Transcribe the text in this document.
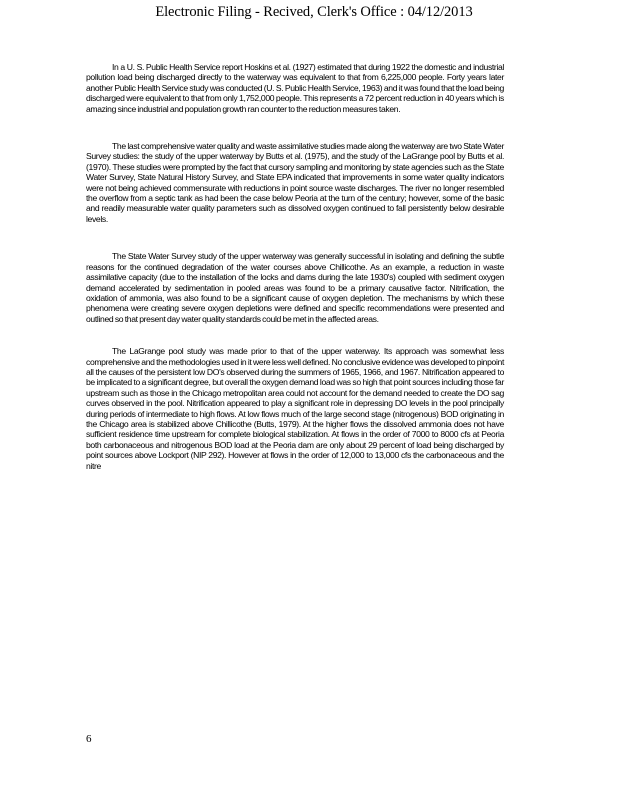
Electronic Filing - Recived, Clerk's Office : 04/12/2013

In a U. S. Public Health Service report Hoskins et al. (1927) estimated that during 1922 the domestic and industrial pollution load being discharged directly to the waterway was equivalent to that from 6,225,000 people. Forty years later another Public Health Service study was conducted (U. S. Public Health Service, 1963) and it was found that the load being discharged were equivalent to that from only 1,752,000 people. This represents a 72 percent reduction in 40 years which is amazing since industrial and population growth ran counter to the reduction measures taken.

The last comprehensive water quality and waste assimilative studies made along the waterway are two State Water Survey studies: the study of the upper waterway by Butts et al. (1975), and the study of the LaGrange pool by Butts et al. (1970). These studies were prompted by the fact that cursory sampling and monitoring by state agencies such as the State Water Survey, State Natural History Survey, and State EPA indicated that improvements in some water quality indicators were not being achieved commensurate with reductions in point source waste discharges. The river no longer resembled the overflow from a septic tank as had been the case below Peoria at the turn of the century; however, some of the basic and readily measurable water quality parameters such as dissolved oxygen continued to fall persistently below desirable levels.

The State Water Survey study of the upper waterway was generally successful in isolating and defining the subtle reasons for the continued degradation of the water courses above Chillicothe. As an example, a reduction in waste assimilative capacity (due to the installation of the locks and dams during the late 1930's) coupled with sediment oxygen demand accelerated by sedimentation in pooled areas was found to be a primary causative factor. Nitrification, the oxidation of ammonia, was also found to be a significant cause of oxygen depletion. The mechanisms by which these phenomena were creating severe oxygen depletions were defined and specific recommendations were presented and outlined so that present day water quality standards could be met in the affected areas.

The LaGrange pool study was made prior to that of the upper waterway. Its approach was somewhat less comprehensive and the methodologies used in it were less well defined. No conclusive evidence was developed to pinpoint all the causes of the persistent low DO's observed during the summers of 1965, 1966, and 1967. Nitrification appeared to be implicated to a significant degree, but overall the oxygen demand load was so high that point sources including those far upstream such as those in the Chicago metropolitan area could not account for the demand needed to create the DO sag curves observed in the pool. Nitrification appeared to play a significant role in depressing DO levels in the pool principally during periods of intermediate to high flows. At low flows much of the large second stage (nitrogenous) BOD originating in the Chicago area is stabilized above Chillicothe (Butts, 1979). At the higher flows the dissolved ammonia does not have sufficient residence time upstream for complete biological stabilization. At flows in the order of 7000 to 8000 cfs at Peoria both carbonaceous and nitrogenous BOD load at the Peoria dam are only about 29 percent of load being discharged by point sources above Lockport (NIP 292). However at flows in the order of 12,000 to 13,000 cfs the carbonaceous and the nitre

6
